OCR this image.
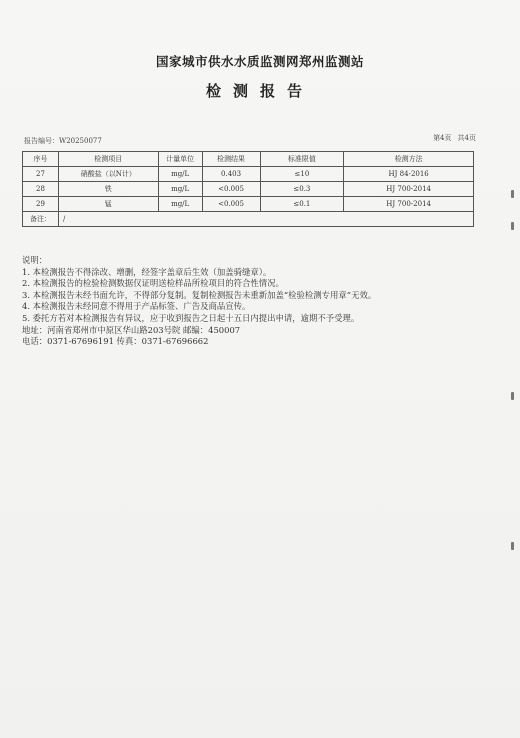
国家城市供水水质监测网郑州监测站
检测报告
报告编号：W20250077	第4页 共4页
序号	检测项目	计量单位	检测结果	标准限值	检测方法
27	硝酸盐（以N计）	mg/L	0.403	≤10	HJ 84-2016
28	铁	mg/L	<0.005	≤0.3	HJ 700-2014
29	锰	mg/L	<0.005	≤0.1	HJ 700-2014
备注：	/				
说明：
1. 本检测报告不得涂改、增删，经签字盖章后生效（加盖骑缝章）。
2. 本检测报告的检验检测数据仅证明送检样品所检项目的符合性情况。
3. 本检测报告未经书面允许，不得部分复制。复制检测报告未重新加盖“检验检测专用章”无效。
4. 本检测报告未经同意不得用于产品标签、广告及商品宣传。
5. 委托方若对本检测报告有异议，应于收到报告之日起十五日内提出申请，逾期不予受理。
地址：河南省郑州市中原区华山路203号院 邮编：450007
电话：0371-67696191 传真：0371-67696662
